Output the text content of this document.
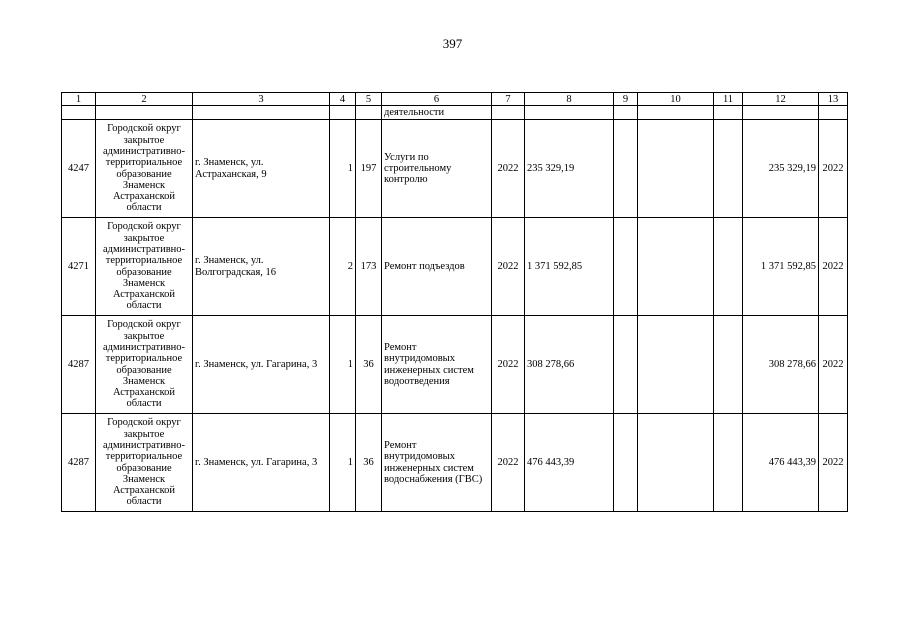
397
1	2	3	4	5	6	7	8	9	10	11	12	13
					деятельности							
4247	Городской округ закрытое административно-территориальное образование Знаменск Астраханской области	г. Знаменск, ул. Астраханская, 9	1	197	Услуги по строительному контролю	2022	235 329,19				235 329,19	2022
4271	Городской округ закрытое административно-территориальное образование Знаменск Астраханской области	г. Знаменск, ул. Волгоградская, 16	2	173	Ремонт подъездов	2022	1 371 592,85				1 371 592,85	2022
4287	Городской округ закрытое административно-территориальное образование Знаменск Астраханской области	г. Знаменск, ул. Гагарина, 3	1	36	Ремонт внутридомовых инженерных систем водоотведения	2022	308 278,66				308 278,66	2022
4287	Городской округ закрытое административно-территориальное образование Знаменск Астраханской области	г. Знаменск, ул. Гагарина, 3	1	36	Ремонт внутридомовых инженерных систем водоснабжения (ГВС)	2022	476 443,39				476 443,39	2022
